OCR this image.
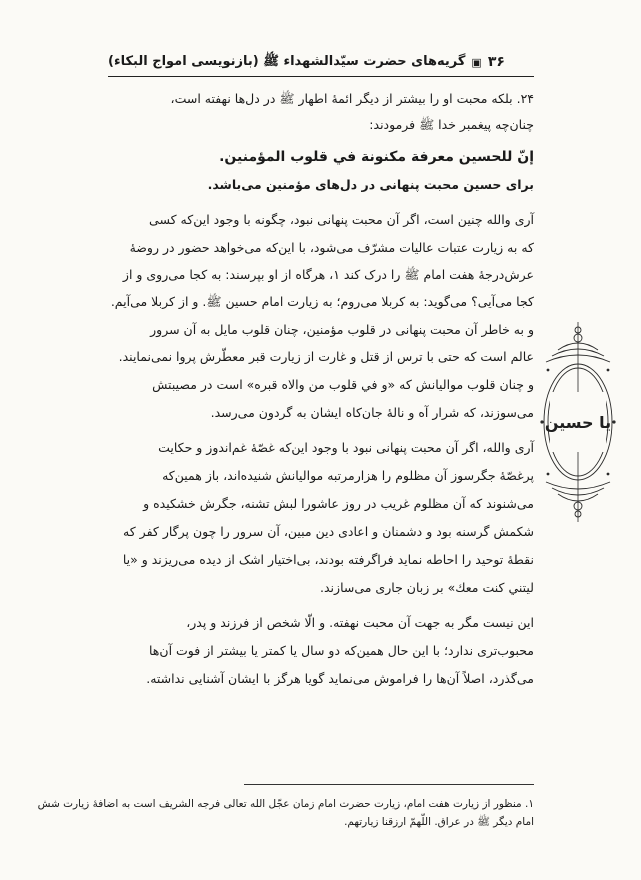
۳۶
▣
گریه‌های حضرت سیّدالشهداء ﷺ (بازنویسی امواج البکاء)
۲۴. بلکه محبت او را بیشتر از دیگر ائمهٔ اطهار ﷺ در دل‌ها نهفته است،
چنان‌چه پیغمبر خدا ﷺ فرمودند:
إنّ للحسین معرفة مکنونة في قلوب المؤمنین.
برای حسین محبت پنهانی در دل‌های مؤمنین می‌باشد.
آری والله چنین است، اگر آن محبت پنهانی نبود، چگونه با وجود این‌که کسی
که به زیارت عتبات عالیات مشرّف می‌شود، با این‌که می‌خواهد حضور در روضهٔ
عرش‌درجهٔ هفت امام ﷺ را درک کند ۱، هرگاه از او بپرسند: به کجا می‌روی و از
کجا می‌آیی؟ می‌گوید: به کربلا می‌روم؛ به زیارت امام حسین ﷺ. و از کربلا می‌آیم.
و به خاطر آن محبت پنهانی در قلوب مؤمنین، چنان قلوب مایل به آن سرور
عالم است که حتی با ترس از قتل و غارت از زیارت قبر معطّرش پروا نمی‌نمایند.
و چنان قلوب موالیانش که «و في قلوب من والاه قبره» است در مصیبتش
می‌سوزند، که شرار آه و نالهٔ جان‌کاه ایشان به گردون می‌رسد.
آری والله، اگر آن محبت پنهانی نبود با وجود این‌که غصّهٔ غم‌اندوز و حکایت
پرغصّهٔ جگرسوز آن مظلوم را هزارمرتبه موالیانش شنیده‌اند، باز همین‌که
می‌شنوند که آن مظلوم غریب در روز عاشورا لبش تشنه، جگرش خشکیده و
شکمش گرسنه بود و دشمنان و اعادی دین مبین، آن سرور را چون پرگار کفر که
نقطهٔ توحید را احاطه نماید فراگرفته بودند، بی‌اختیار اشک از دیده می‌ریزند و «یا
لیتني کنت معك» بر زبان جاری می‌سازند.
این نیست مگر به جهت آن محبت نهفته. و الّا شخص از فرزند و پدر،
محبوب‌تری ندارد؛ با این حال همین‌که دو سال یا کمتر یا بیشتر از فوت آن‌ها
می‌گذرد، اصلاً آن‌ها را فراموش می‌نماید گویا هرگز با ایشان آشنایی نداشته.
۱. منظور از زیارت هفت امام، زیارت حضرت امام زمان عجّل الله تعالی فرجه الشریف است به اضافهٔ زیارت شش
امام دیگر ﷺ در عراق. اللّهمّ ارزقنا زیارتهم.
یا حسین
